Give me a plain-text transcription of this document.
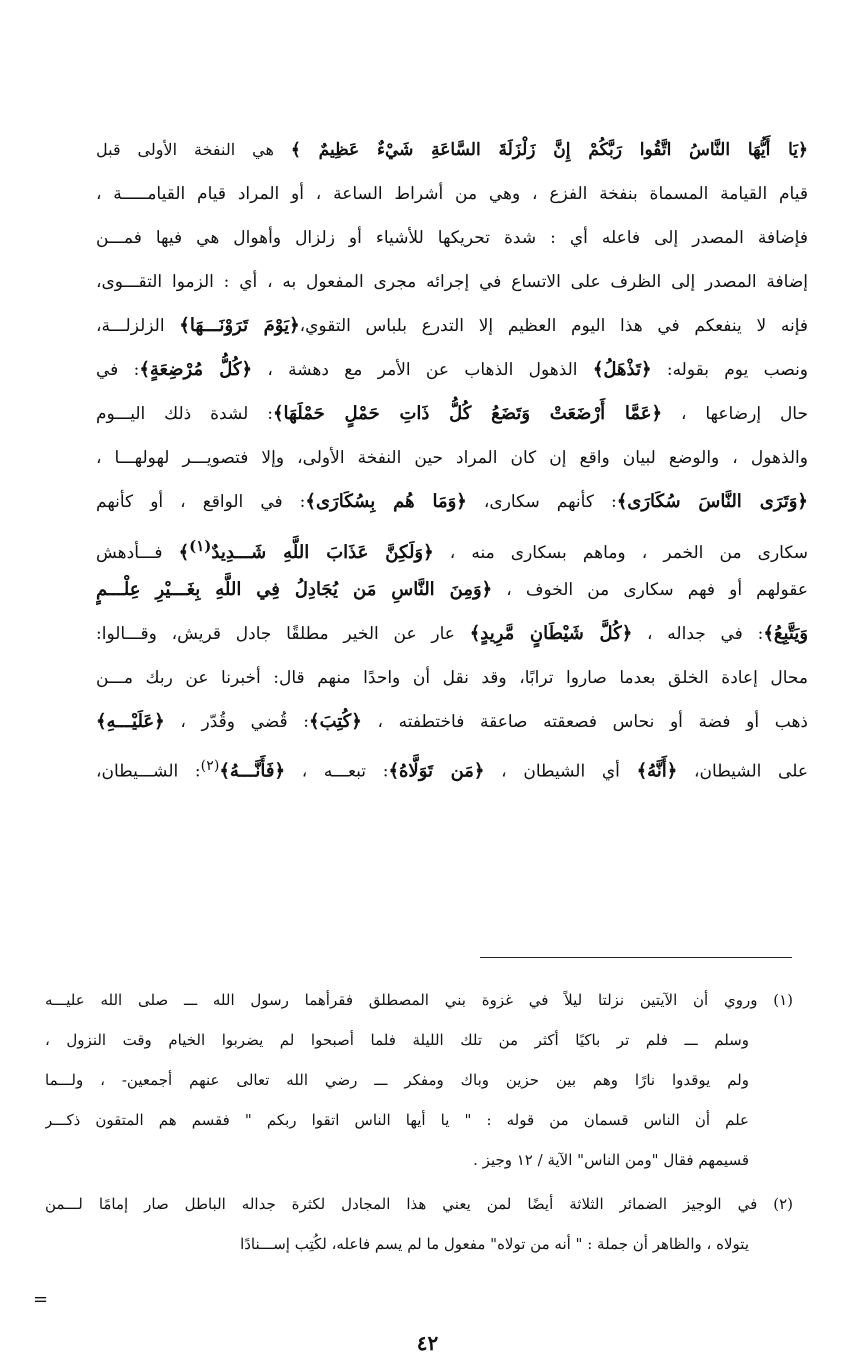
﴿يَا أَيُّهَا النَّاسُ اتَّقُوا رَبَّكُمْ إِنَّ زَلْزَلَةَ السَّاعَةِ شَيْءٌ عَظِيمٌ ﴾ هي النفخة الأولى قبل
قيام القيامة المسماة بنفخة الفزع ، وهي من أشراط الساعة ، أو المراد قيام القيامـــــة ،
فإضافة المصدر إلى فاعله أي : شدة تحريكها للأشياء أو زلزال وأهوال هي فيها فمـــن
إضافة المصدر إلى الظرف على الاتساع في إجرائه مجرى المفعول به ، أي : الزموا التقـــوى،
فإنه لا ينفعكم في هذا اليوم العظيم إلا التدرع بلباس التقوي،﴿يَوْمَ تَرَوْنَـــهَا﴾ الزلزلـــة،
ونصب يوم بقوله: ﴿تَذْهَلُ﴾ الذهول الذهاب عن الأمر مع دهشة ، ﴿كُلُّ مُرْضِعَةٍ﴾: في
حال إرضاعها ، ﴿عَمَّا أَرْضَعَتْ وَتَضَعُ كُلُّ ذَاتِ حَمْلٍ حَمْلَهَا﴾: لشدة ذلك اليـــوم
والذهول ، والوضع لبيان واقع إن كان المراد حين النفخة الأولى، وإلا فتصويـــر لهولهـــا ،
﴿وَتَرَى النَّاسَ سُكَارَى﴾: كأنهم سكارى، ﴿وَمَا هُم بِسُكَارَى﴾: في الواقع ، أو كأنهم
سكارى من الخمر ، وماهم بسكارى منه ، ﴿وَلَكِنَّ عَذَابَ اللَّهِ شَـــدِيدٌ$^{(١)}$﴾ فـــأدهش
عقولهم أو فهم سكارى من الخوف ، ﴿وَمِنَ النَّاسِ مَن يُجَادِلُ فِي اللَّهِ بِغَـــيْرِ عِلْـــمٍ
وَيَتَّبِعُ﴾: في جداله ، ﴿كُلَّ شَيْطَانٍ مَّرِيدٍ﴾ عار عن الخير مطلقًا جادل قريش، وقـــالوا:
محال إعادة الخلق بعدما صاروا ترابًا، وقد نقل أن واحدًا منهم قال: أخبرنا عن ربك مـــن
ذهب أو فضة أو نحاس فصعقته صاعقة فاختطفته ، ﴿كُتِبَ﴾: قُضي وقُدّر ، ﴿عَلَيْـــهِ﴾
على الشيطان، ﴿أَنَّهُ﴾ أي الشيطان ، ﴿مَن تَوَلَّاهُ﴾: تبعـــه ، ﴿فَأَنَّـــهُ﴾$^{(٢)}$: الشـــيطان،
(١) وروي أن الآيتين نزلتا ليلاً في غزوة بني المصطلق فقرأهما رسول الله ـــ صلى الله عليـــه
وسلم ـــ فلم تر باكيًا أكثر من تلك الليلة فلما أصبحوا لم يضربوا الخيام وقت النزول ،
ولم يوقدوا نارًا وهم بين حزين وباك ومفكر ـــ رضي الله تعالى عنهم أجمعين- ، ولـــما
علم أن الناس قسمان من قوله : " يا أيها الناس اتقوا ربكم " فقسم هم المتقون ذكـــر
قسيمهم فقال "ومن الناس" الآية / ١٢ وجيز .
(٢) في الوجيز الضمائر الثلاثة أيضًا لمن يعني هذا المجادل لكثرة جداله الباطل صار إمامًا لـــمن
يتولاه ، والظاهر أن جملة : " أنه من تولاه" مفعول ما لم يسم فاعله، لكُتِب إســـنادًا
=
٤٢
